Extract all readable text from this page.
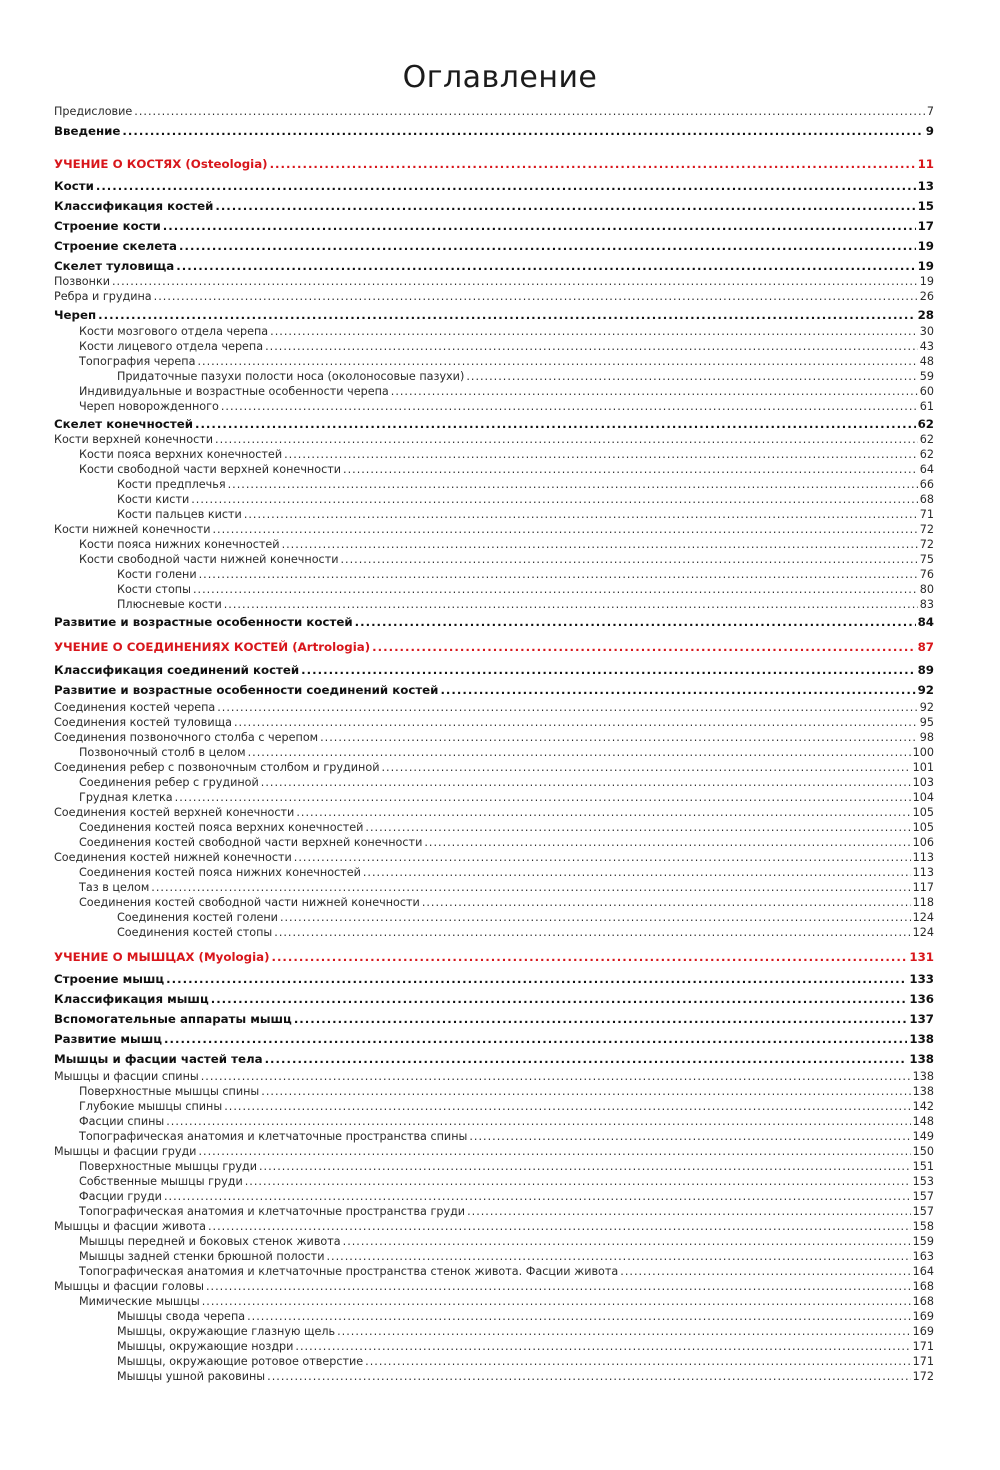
Оглавление
Предисловие .....	7
Введение .....	9
УЧЕНИЕ О КОСТЯХ (Osteologia) .....	11
Кости .....	13
Классификация костей .....	15
Строение кости .....	17
Строение скелета .....	19
Скелет туловища .....	19
Позвонки .....	19
Ребра и грудина .....	26
Череп .....	28
Кости мозгового отдела черепа .....	30
Кости лицевого отдела черепа .....	43
Топография черепа .....	48
Придаточные пазухи полости носа (околоносовые пазухи) .....	59
Индивидуальные и возрастные особенности черепа .....	60
Череп новорожденного .....	61
Скелет конечностей .....	62
Кости верхней конечности .....	62
Кости пояса верхних конечностей .....	62
Кости свободной части верхней конечности .....	64
Кости предплечья .....	66
Кости кисти .....	68
Кости пальцев кисти .....	71
Кости нижней конечности .....	72
Кости пояса нижних конечностей .....	72
Кости свободной части нижней конечности .....	75
Кости голени .....	76
Кости стопы .....	80
Плюсневые кости .....	83
Развитие и возрастные особенности костей .....	84
УЧЕНИЕ О СОЕДИНЕНИЯХ КОСТЕЙ (Artrologia) .....	87
Классификация соединений костей .....	89
Развитие и возрастные особенности соединений костей .....	92
Соединения костей черепа .....	92
Соединения костей туловища .....	95
Соединения позвоночного столба с черепом .....	98
Позвоночный столб в целом .....	100
Соединения ребер с позвоночным столбом и грудиной .....	101
Соединения ребер с грудиной .....	103
Грудная клетка .....	104
Соединения костей верхней конечности .....	105
Соединения костей пояса верхних конечностей .....	105
Соединения костей свободной части верхней конечности .....	106
Соединения костей нижней конечности .....	113
Соединения костей пояса нижних конечностей .....	113
Таз в целом .....	117
Соединения костей свободной части нижней конечности .....	118
Соединения костей голени .....	124
Соединения костей стопы .....	124
УЧЕНИЕ О МЫШЦАХ (Myologia) .....	131
Строение мышц .....	133
Классификация мышц .....	136
Вспомогательные аппараты мышц .....	137
Развитие мышц .....	138
Мышцы и фасции частей тела .....	138
Мышцы и фасции спины .....	138
Поверхностные мышцы спины .....	138
Глубокие мышцы спины .....	142
Фасции спины .....	148
Топографическая анатомия и клетчаточные пространства спины .....	149
Мышцы и фасции груди .....	150
Поверхностные мышцы груди .....	151
Собственные мышцы груди .....	153
Фасции груди .....	157
Топографическая анатомия и клетчаточные пространства груди .....	157
Мышцы и фасции живота .....	158
Мышцы передней и боковых стенок живота .....	159
Мышцы задней стенки брюшной полости .....	163
Топографическая анатомия и клетчаточные пространства стенок живота. Фасции живота .....	164
Мышцы и фасции головы .....	168
Мимические мышцы .....	168
Мышцы свода черепа .....	169
Мышцы, окружающие глазную щель .....	169
Мышцы, окружающие ноздри .....	171
Мышцы, окружающие ротовое отверстие .....	171
Мышцы ушной раковины .....	172
